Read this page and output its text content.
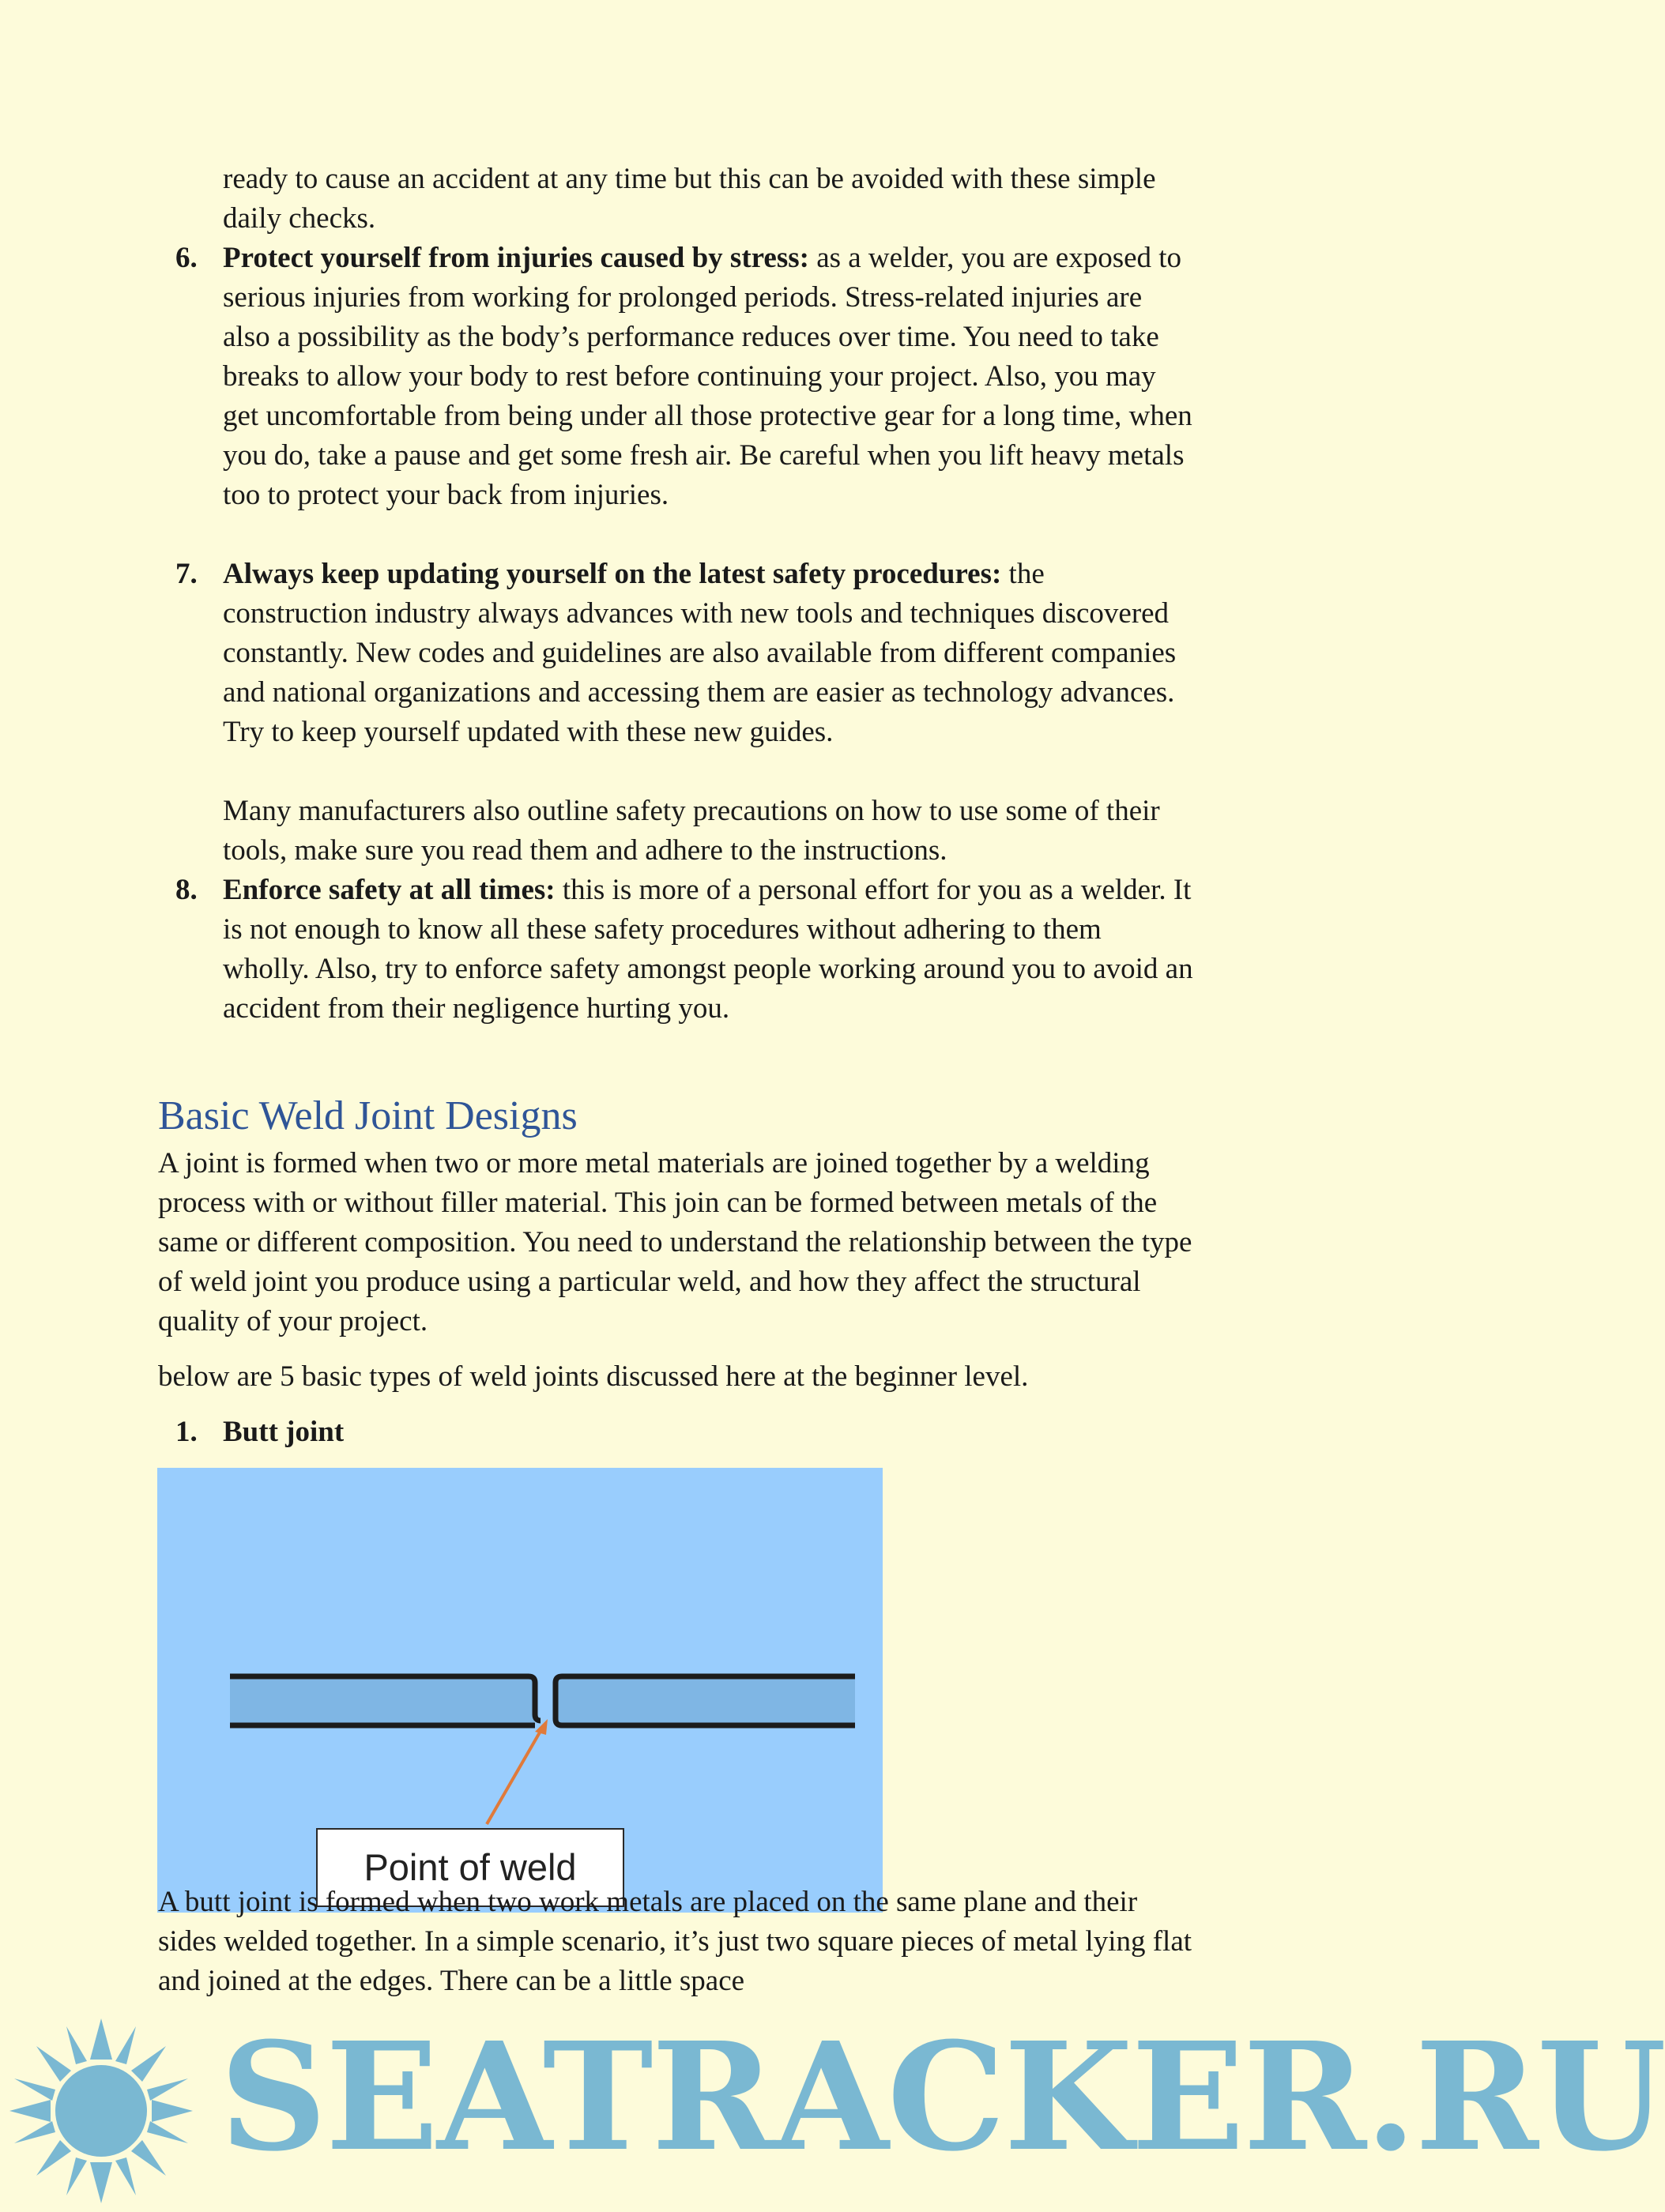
ready to cause an accident at any time but this can be avoided with these simple daily checks.

6. Protect yourself from injuries caused by stress: as a welder, you are exposed to serious injuries from working for prolonged periods. Stress-related injuries are also a possibility as the body’s performance reduces over time. You need to take breaks to allow your body to rest before continuing your project. Also, you may get uncomfortable from being under all those protective gear for a long time, when you do, take a pause and get some fresh air. Be careful when you lift heavy metals too to protect your back from injuries.

7. Always keep updating yourself on the latest safety procedures: the construction industry always advances with new tools and techniques discovered constantly. New codes and guidelines are also available from different companies and national organizations and accessing them are easier as technology advances. Try to keep yourself updated with these new guides.

Many manufacturers also outline safety precautions on how to use some of their tools, make sure you read them and adhere to the instructions.

8. Enforce safety at all times: this is more of a personal effort for you as a welder. It is not enough to know all these safety procedures without adhering to them wholly. Also, try to enforce safety amongst people working around you to avoid an accident from their negligence hurting you.

Basic Weld Joint Designs

A joint is formed when two or more metal materials are joined together by a welding process with or without filler material. This join can be formed between metals of the same or different composition. You need to understand the relationship between the type of weld joint you produce using a particular weld, and how they affect the structural quality of your project.

below are 5 basic types of weld joints discussed here at the beginner level.

1. Butt joint

Point of weld

A butt joint is formed when two work metals are placed on the same plane and their sides welded together. In a simple scenario, it’s just two square pieces of metal lying flat and joined at the edges. There can be a little space

SEATRACKER.RU
